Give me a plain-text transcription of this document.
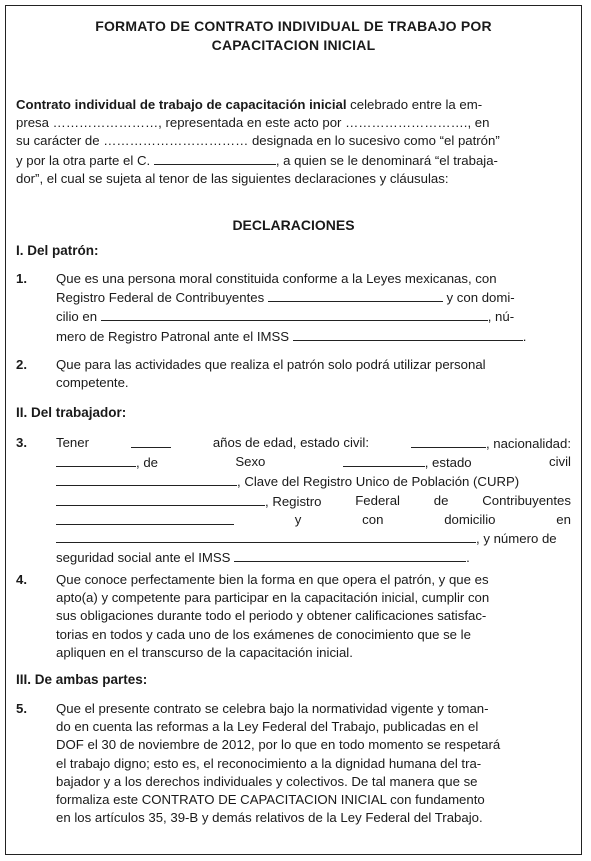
FORMATO DE CONTRATO INDIVIDUAL DE TRABAJO POR
CAPACITACION INICIAL
Contrato individual de trabajo de capacitación inicial celebrado entre la em-
presa ……………………, representada en este acto por ………………………., en
su carácter de …………………………… designada en lo sucesivo como “el patrón”
y por la otra parte el C.	, a quien se le denominará “el trabaja-
dor”, el cual se sujeta al tenor de las siguientes declaraciones y cláusulas:
DECLARACIONES
I. Del patrón:
1.	Que es una persona moral constituida conforme a la Leyes mexicanas, con
Registro Federal de Contribuyentes	y con domi-
cilio en	, nú-
mero de Registro Patronal ante el IMSS	.
2.	Que para las actividades que realiza el patrón solo podrá utilizar personal
competente.
II. Del trabajador:
3.	Tener	años de edad, estado civil:	, nacionalidad:
, de	Sexo	, estado	civil
, Clave del Registro Unico de Población (CURP)
, Registro	Federal	de	Contribuyentes
y	con	domicilio	en
, y número de
seguridad social ante el IMSS	.
4.	Que conoce perfectamente bien la forma en que opera el patrón, y que es
apto(a) y competente para participar en la capacitación inicial, cumplir con
sus obligaciones durante todo el periodo y obtener calificaciones satisfac-
torias en todos y cada uno de los exámenes de conocimiento que se le
apliquen en el transcurso de la capacitación inicial.
III. De ambas partes:
5.	Que el presente contrato se celebra bajo la normatividad vigente y toman-
do en cuenta las reformas a la Ley Federal del Trabajo, publicadas en el
DOF el 30 de noviembre de 2012, por lo que en todo momento se respetará
el trabajo digno; esto es, el reconocimiento a la dignidad humana del tra-
bajador y a los derechos individuales y colectivos. De tal manera que se
formaliza este CONTRATO DE CAPACITACION INICIAL con fundamento
en los artículos 35, 39-B y demás relativos de la Ley Federal del Trabajo.
